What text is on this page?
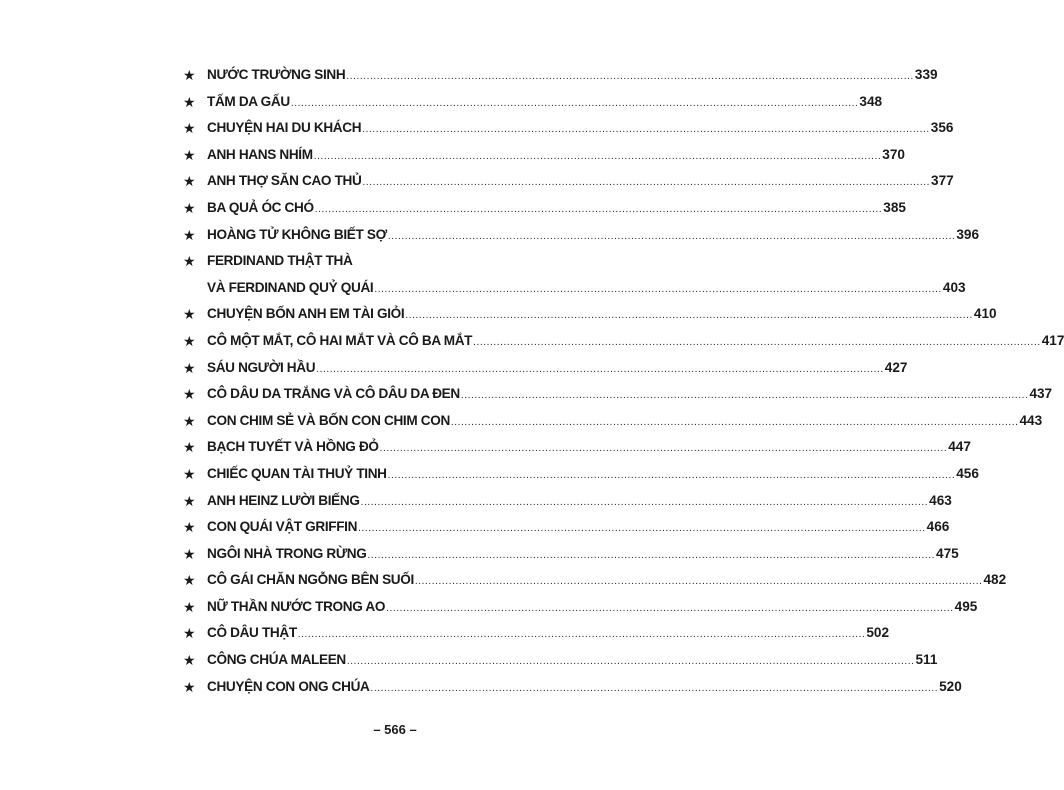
★ NƯỚC TRƯỜNG SINH .....	339
★ TẤM DA GẤU .....	348
★ CHUYỆN HAI DU KHÁCH .....	356
★ ANH HANS NHÍM .....	370
★ ANH THỢ SĂN CAO THỦ .....	377
★ BA QUẢ ÓC CHÓ .....	385
★ HOÀNG TỬ KHÔNG BIẾT SỢ .....	396
★ FERDINAND THẬT THÀ
VÀ FERDINAND QUỶ QUÁI .....	403
★ CHUYỆN BỐN ANH EM TÀI GIỎI .....	410
★ CÔ MỘT MẮT, CÔ HAI MẮT VÀ CÔ BA MẮT .....	417
★ SÁU NGƯỜI HẦU .....	427
★ CÔ DÂU DA TRẮNG VÀ CÔ DÂU DA ĐEN .....	437
★ CON CHIM SẺ VÀ BỐN CON CHIM CON .....	443
★ BẠCH TUYẾT VÀ HỒNG ĐỎ .....	447
★ CHIẾC QUAN TÀI THUỶ TINH .....	456
★ ANH HEINZ LƯỜI BIẾNG .....	463
★ CON QUÁI VẬT GRIFFIN .....	466
★ NGÔI NHÀ TRONG RỪNG .....	475
★ CÔ GÁI CHĂN NGỖNG BÊN SUỐI .....	482
★ NỮ THẦN NƯỚC TRONG AO .....	495
★ CÔ DÂU THẬT .....	502
★ CÔNG CHÚA MALEEN .....	511
★ CHUYỆN CON ONG CHÚA .....	520
– 566 –
